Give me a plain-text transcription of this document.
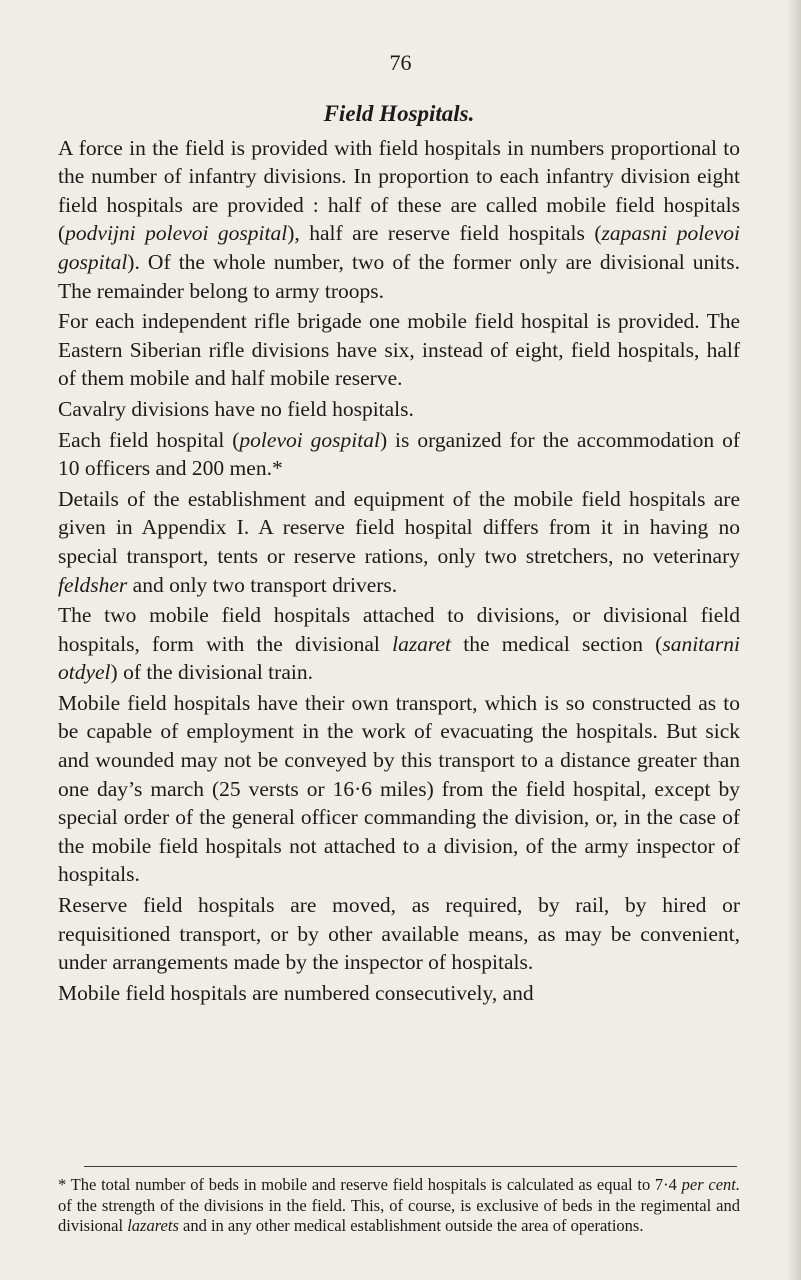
76
Field Hospitals.

A force in the field is provided with field hospitals in numbers proportional to the number of infantry divisions. In proportion to each infantry division eight field hospitals are provided : half of these are called mobile field hospitals (podvijni polevoi gospital), half are reserve field hospitals (zapasni polevoi gospital). Of the whole number, two of the former only are divisional units. The remainder belong to army troops.

For each independent rifle brigade one mobile field hospital is provided. The Eastern Siberian rifle divisions have six, instead of eight, field hospitals, half of them mobile and half mobile reserve.

Cavalry divisions have no field hospitals.

Each field hospital (polevoi gospital) is organized for the accommodation of 10 officers and 200 men.*

Details of the establishment and equipment of the mobile field hospitals are given in Appendix I. A reserve field hospital differs from it in having no special transport, tents or reserve rations, only two stretchers, no veterinary feldsher and only two transport drivers.

The two mobile field hospitals attached to divisions, or divisional field hospitals, form with the divisional lazaret the medical section (sanitarni otdyel) of the divisional train.

Mobile field hospitals have their own transport, which is so constructed as to be capable of employment in the work of evacuating the hospitals. But sick and wounded may not be conveyed by this transport to a distance greater than one day’s march (25 versts or 16·6 miles) from the field hospital, except by special order of the general officer commanding the division, or, in the case of the mobile field hospitals not attached to a division, of the army inspector of hospitals.

Reserve field hospitals are moved, as required, by rail, by hired or requisitioned transport, or by other available means, as may be convenient, under arrangements made by the inspector of hospitals.

Mobile field hospitals are numbered consecutively, and

* The total number of beds in mobile and reserve field hospitals is calculated as equal to 7·4 per cent. of the strength of the divisions in the field. This, of course, is exclusive of beds in the regimental and divisional lazarets and in any other medical establishment outside the area of operations.
